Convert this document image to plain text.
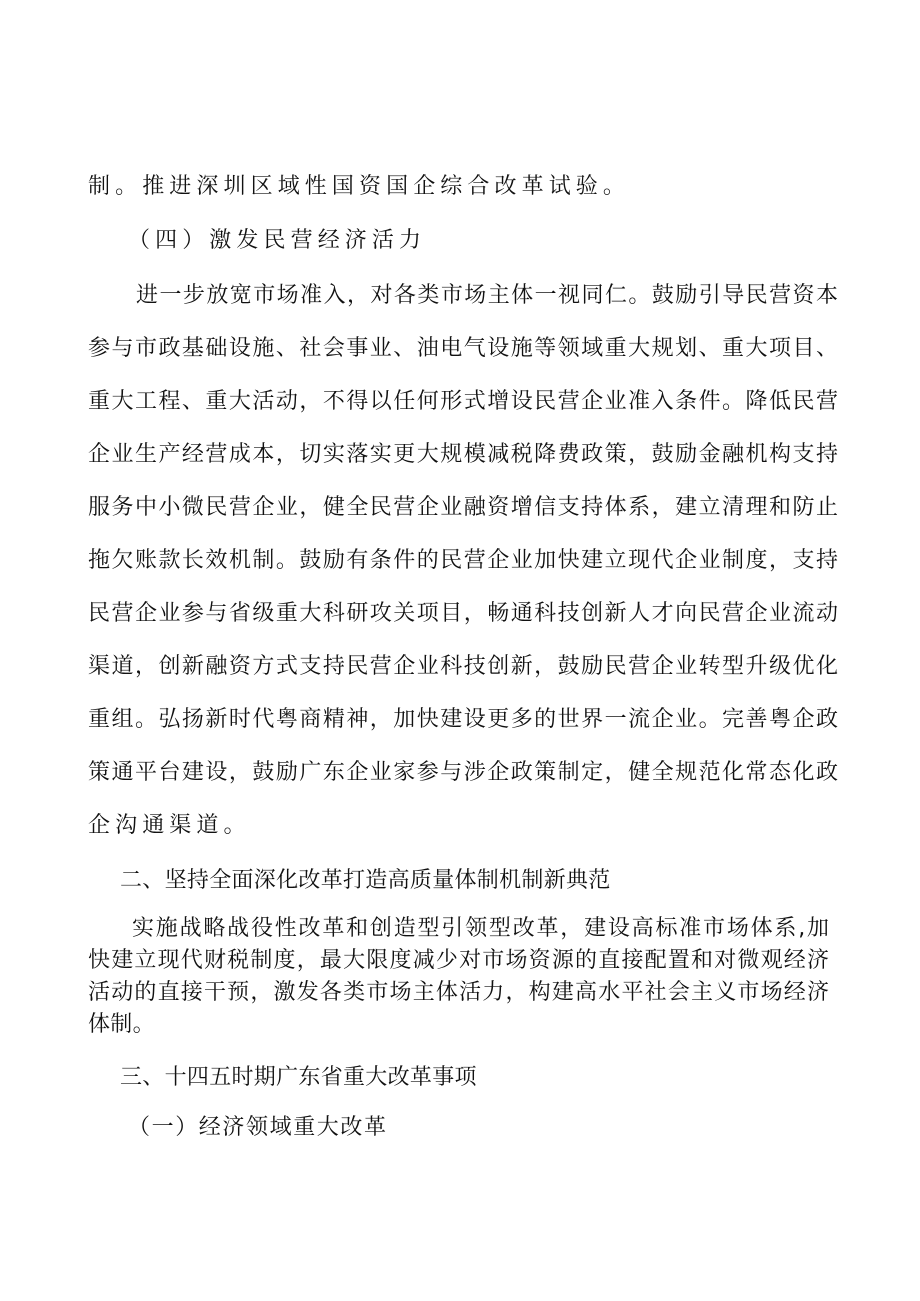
制。推进深圳区域性国资国企综合改革试验。
（四）激发民营经济活力
进一步放宽市场准入，对各类市场主体一视同仁。鼓励引导民营资本
参与市政基础设施、社会事业、油电气设施等领域重大规划、重大项目、
重大工程、重大活动，不得以任何形式增设民营企业准入条件。降低民营
企业生产经营成本，切实落实更大规模减税降费政策，鼓励金融机构支持
服务中小微民营企业，健全民营企业融资增信支持体系，建立清理和防止
拖欠账款长效机制。鼓励有条件的民营企业加快建立现代企业制度，支持
民营企业参与省级重大科研攻关项目，畅通科技创新人才向民营企业流动
渠道，创新融资方式支持民营企业科技创新，鼓励民营企业转型升级优化
重组。弘扬新时代粤商精神，加快建设更多的世界一流企业。完善粤企政
策通平台建设，鼓励广东企业家参与涉企政策制定，健全规范化常态化政
企沟通渠道。
二、坚持全面深化改革打造高质量体制机制新典范
实施战略战役性改革和创造型引领型改革，建设高标准市场体系,加
快建立现代财税制度，最大限度减少对市场资源的直接配置和对微观经济
活动的直接干预，激发各类市场主体活力，构建高水平社会主义市场经济
体制。
三、十四五时期广东省重大改革事项
（一）经济领域重大改革
